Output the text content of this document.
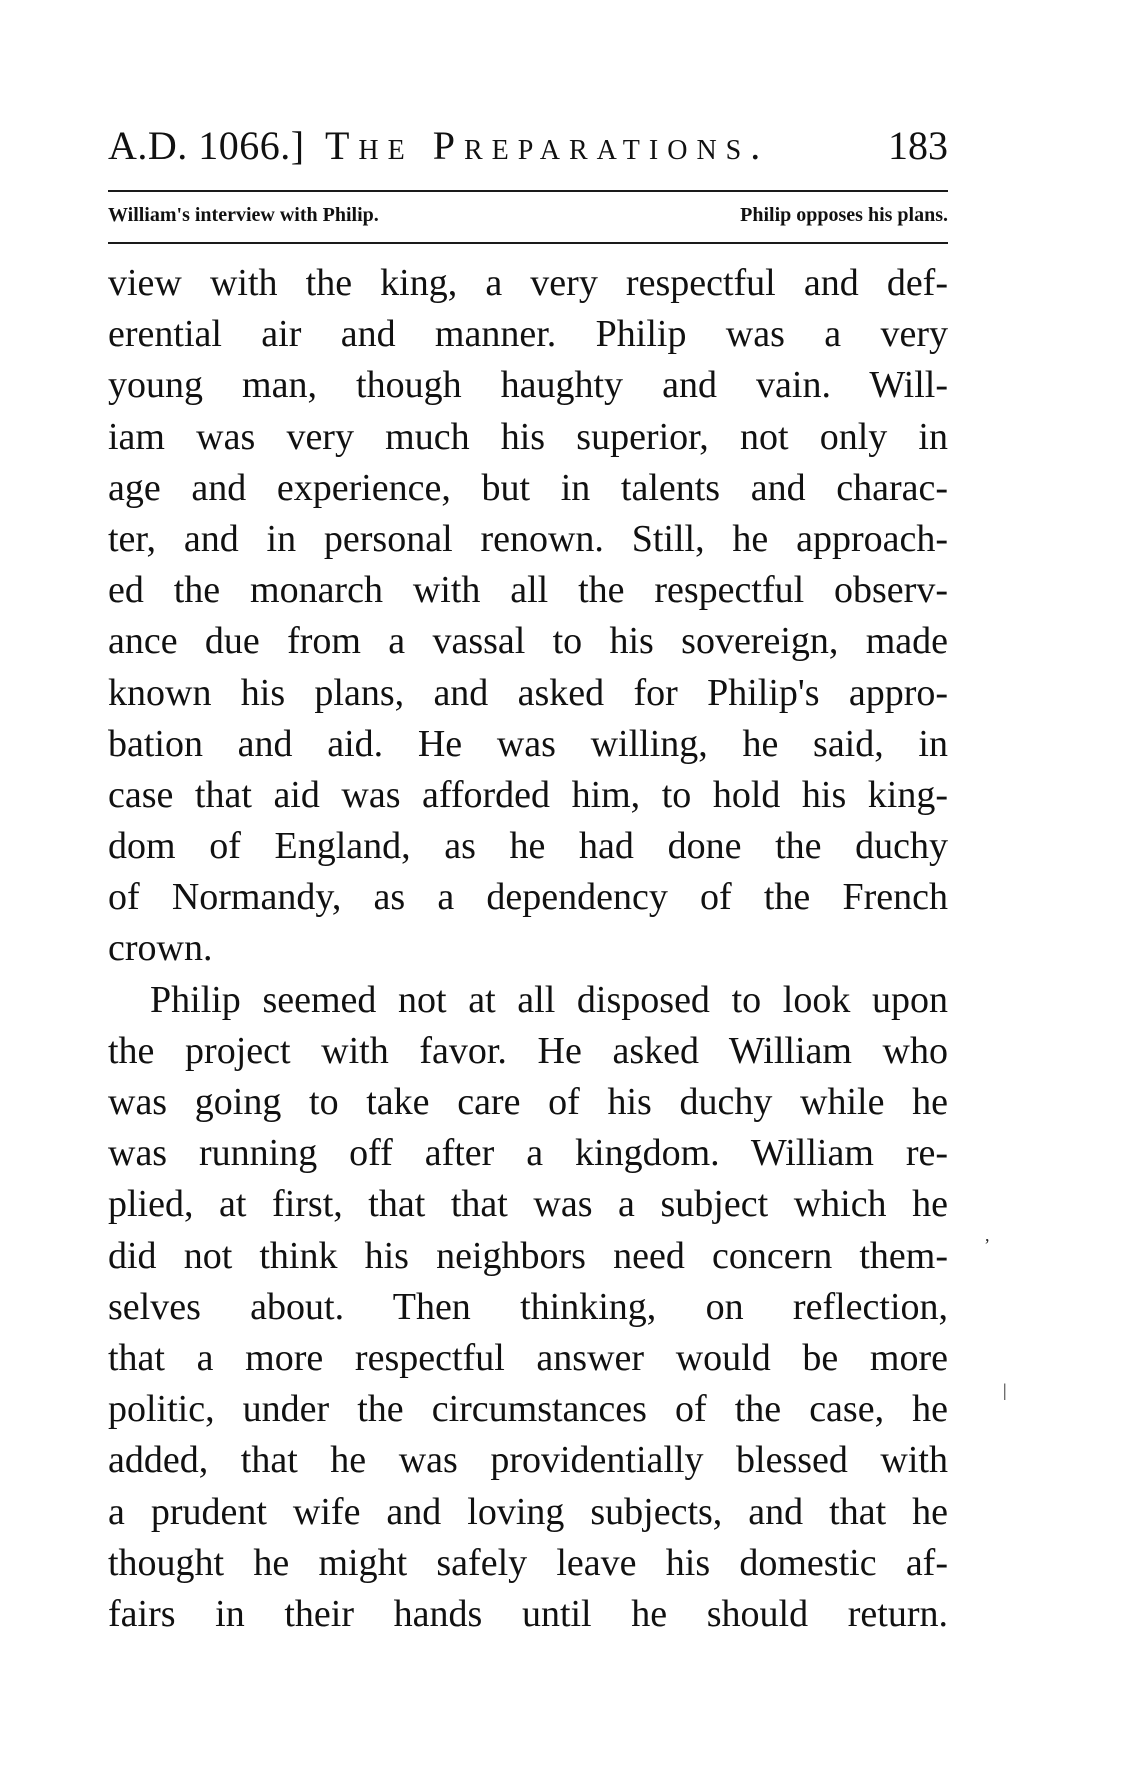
A.D. 1066.] The Preparations.	183
William's interview with Philip.	Philip opposes his plans.
view with the king, a very respectful and def-
erential air and manner. Philip was a very
young man, though haughty and vain. Will-
iam was very much his superior, not only in
age and experience, but in talents and charac-
ter, and in personal renown. Still, he approach-
ed the monarch with all the respectful observ-
ance due from a vassal to his sovereign, made
known his plans, and asked for Philip's appro-
bation and aid. He was willing, he said, in
case that aid was afforded him, to hold his king-
dom of England, as he had done the duchy
of Normandy, as a dependency of the French
crown.
Philip seemed not at all disposed to look upon
the project with favor. He asked William who
was going to take care of his duchy while he
was running off after a kingdom. William re-
plied, at first, that that was a subject which he
did not think his neighbors need concern them-
selves about. Then thinking, on reflection,
that a more respectful answer would be more
politic, under the circumstances of the case, he
added, that he was providentially blessed with
a prudent wife and loving subjects, and that he
thought he might safely leave his domestic af-
fairs in their hands until he should return.
,
|
